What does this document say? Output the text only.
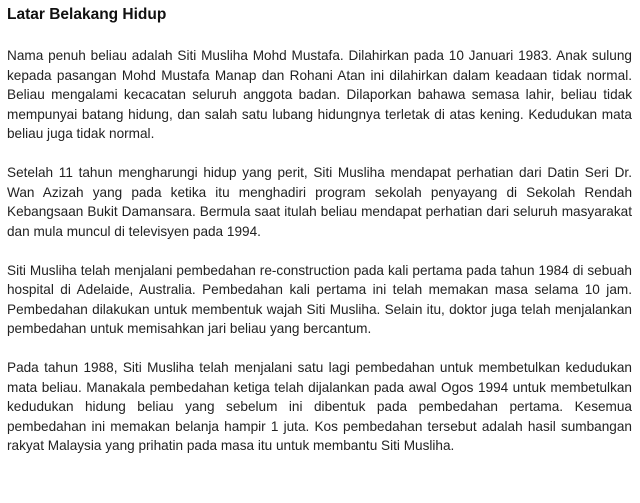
Latar Belakang Hidup

Nama penuh beliau adalah Siti Musliha Mohd Mustafa. Dilahirkan pada 10 Januari 1983. Anak sulung kepada pasangan Mohd Mustafa Manap dan Rohani Atan ini dilahirkan dalam keadaan tidak normal. Beliau mengalami kecacatan seluruh anggota badan. Dilaporkan bahawa semasa lahir, beliau tidak mempunyai batang hidung, dan salah satu lubang hidungnya terletak di atas kening. Kedudukan mata beliau juga tidak normal.

Setelah 11 tahun mengharungi hidup yang perit, Siti Musliha mendapat perhatian dari Datin Seri Dr. Wan Azizah yang pada ketika itu menghadiri program sekolah penyayang di Sekolah Rendah Kebangsaan Bukit Damansara. Bermula saat itulah beliau mendapat perhatian dari seluruh masyarakat dan mula muncul di televisyen pada 1994.

Siti Musliha telah menjalani pembedahan re-construction pada kali pertama pada tahun 1984 di sebuah hospital di Adelaide, Australia. Pembedahan kali pertama ini telah memakan masa selama 10 jam. Pembedahan dilakukan untuk membentuk wajah Siti Musliha. Selain itu, doktor juga telah menjalankan pembedahan untuk memisahkan jari beliau yang bercantum.

Pada tahun 1988, Siti Musliha telah menjalani satu lagi pembedahan untuk membetulkan kedudukan mata beliau. Manakala pembedahan ketiga telah dijalankan pada awal Ogos 1994 untuk membetulkan kedudukan hidung beliau yang sebelum ini dibentuk pada pembedahan pertama. Kesemua pembedahan ini memakan belanja hampir 1 juta. Kos pembedahan tersebut adalah hasil sumbangan rakyat Malaysia yang prihatin pada masa itu untuk membantu Siti Musliha.
